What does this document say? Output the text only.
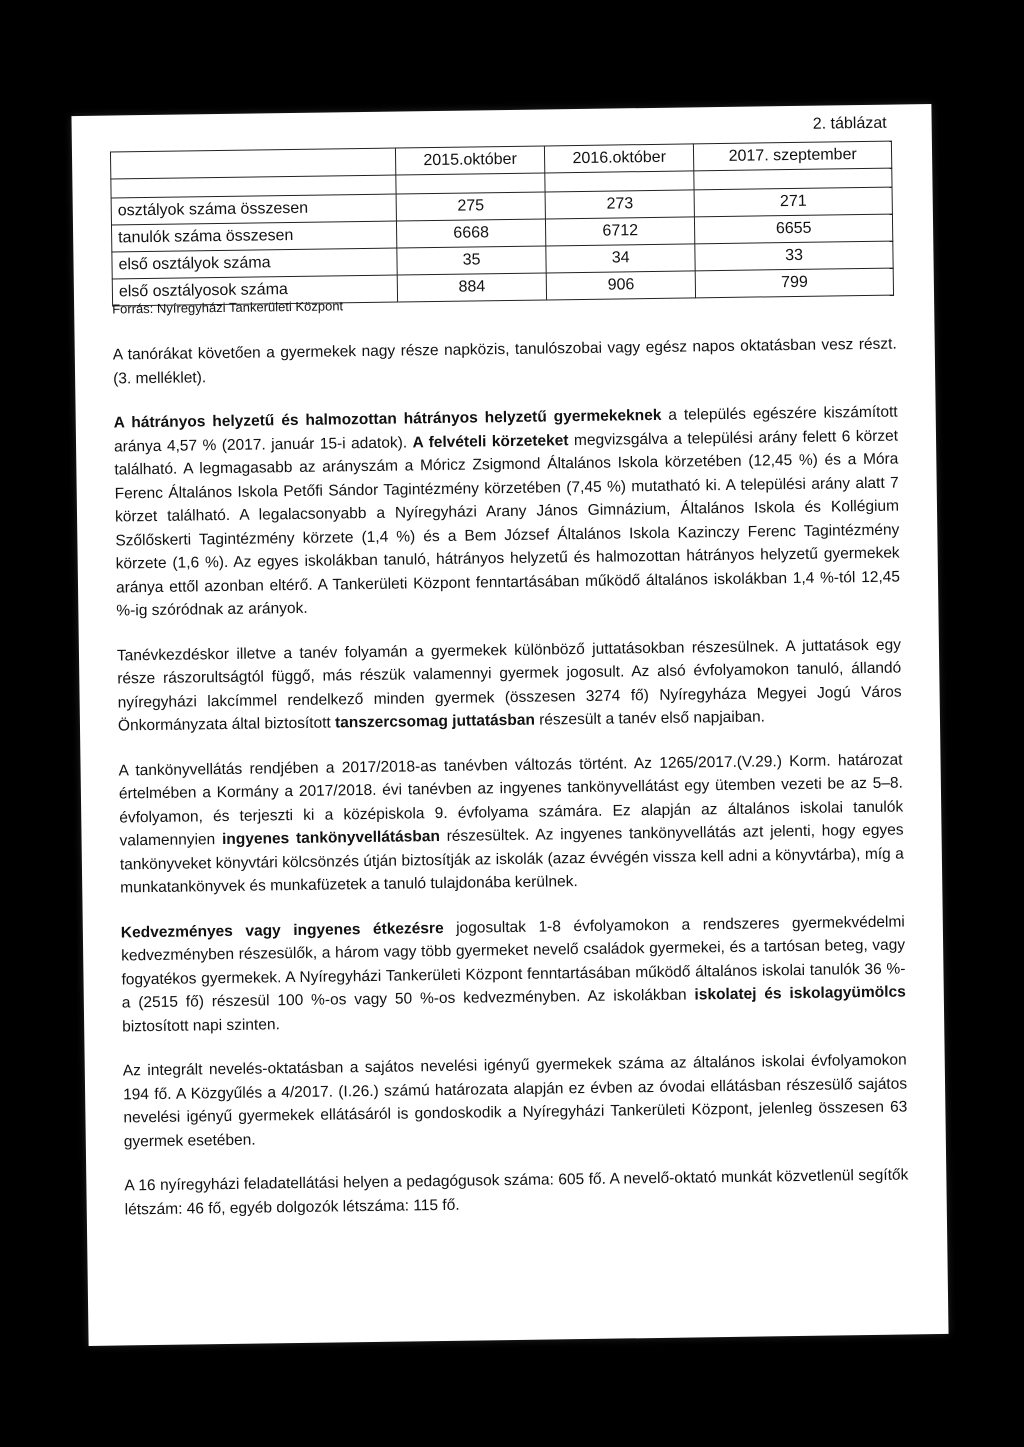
2. táblázat
	2015.október	2016.október	2017. szeptember

osztályok száma összesen	275	273	271
tanulók száma összesen	6668	6712	6655
első osztályok száma	35	34	33
első osztályosok száma	884	906	799
Forrás: Nyíregyházi Tankerületi Központ

A tanórákat követően a gyermekek nagy része napközis, tanulószobai vagy egész napos oktatásban vesz részt. (3. melléklet).

A hátrányos helyzetű és halmozottan hátrányos helyzetű gyermekeknek a település egészére kiszámított aránya 4,57 % (2017. január 15-i adatok). A felvételi körzeteket megvizsgálva a települési arány felett 6 körzet található. A legmagasabb az arányszám a Móricz Zsigmond Általános Iskola körzetében (12,45 %) és a Móra Ferenc Általános Iskola Petőfi Sándor Tagintézmény körzetében (7,45 %) mutatható ki. A települési arány alatt 7 körzet található. A legalacsonyabb a Nyíregyházi Arany János Gimnázium, Általános Iskola és Kollégium Szőlőskerti Tagintézmény körzete (1,4 %) és a Bem József Általános Iskola Kazinczy Ferenc Tagintézmény körzete (1,6 %). Az egyes iskolákban tanuló, hátrányos helyzetű és halmozottan hátrányos helyzetű gyermekek aránya ettől azonban eltérő. A Tankerületi Központ fenntartásában működő általános iskolákban 1,4 %-tól 12,45 %-ig szóródnak az arányok.

Tanévkezdéskor illetve a tanév folyamán a gyermekek különböző juttatásokban részesülnek. A juttatások egy része rászorultságtól függő, más részük valamennyi gyermek jogosult. Az alsó évfolyamokon tanuló, állandó nyíregyházi lakcímmel rendelkező minden gyermek (összesen 3274 fő) Nyíregyháza Megyei Jogú Város Önkormányzata által biztosított tanszercsomag juttatásban részesült a tanév első napjaiban.

A tankönyvellátás rendjében a 2017/2018-as tanévben változás történt. Az 1265/2017.(V.29.) Korm. határozat értelmében a Kormány a 2017/2018. évi tanévben az ingyenes tankönyvellátást egy ütemben vezeti be az 5–8. évfolyamon, és terjeszti ki a középiskola 9. évfolyama számára. Ez alapján az általános iskolai tanulók valamennyien ingyenes tankönyvellátásban részesültek. Az ingyenes tankönyvellátás azt jelenti, hogy egyes tankönyveket könyvtári kölcsönzés útján biztosítják az iskolák (azaz évvégén vissza kell adni a könyvtárba), míg a munkatankönyvek és munkafüzetek a tanuló tulajdonába kerülnek.

Kedvezményes vagy ingyenes étkezésre jogosultak 1-8 évfolyamokon a rendszeres gyermekvédelmi kedvezményben részesülők, a három vagy több gyermeket nevelő családok gyermekei, és a tartósan beteg, vagy fogyatékos gyermekek. A Nyíregyházi Tankerületi Központ fenntartásában működő általános iskolai tanulók 36 %-a (2515 fő) részesül 100 %-os vagy 50 %-os kedvezményben. Az iskolákban iskolatej és iskolagyümölcs biztosított napi szinten.

Az integrált nevelés-oktatásban a sajátos nevelési igényű gyermekek száma az általános iskolai évfolyamokon 194 fő. A Közgyűlés a 4/2017. (I.26.) számú határozata alapján ez évben az óvodai ellátásban részesülő sajátos nevelési igényű gyermekek ellátásáról is gondoskodik a Nyíregyházi Tankerületi Központ, jelenleg összesen 63 gyermek esetében.

A 16 nyíregyházi feladatellátási helyen a pedagógusok száma: 605 fő. A nevelő-oktató munkát közvetlenül segítők létszám: 46 fő, egyéb dolgozók létszáma: 115 fő.
